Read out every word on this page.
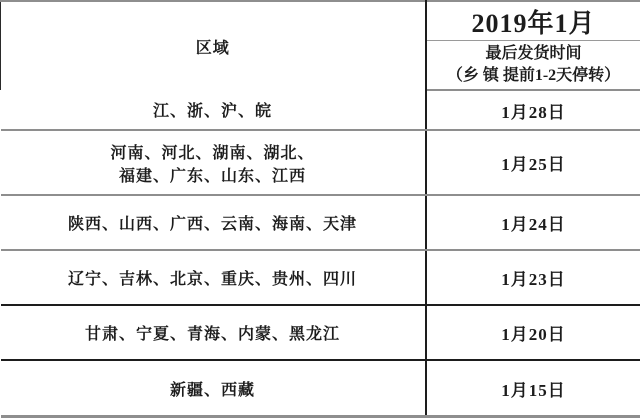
区域	2019年1月

	最后发货时间
（乡 镇 提前1-2天停转）

江、浙、沪、皖	1月28日

河南、河北、湖南、湖北、
福建、广东、山东、江西	1月25日

陕西、山西、广西、云南、海南、天津	1月24日

辽宁、吉林、北京、重庆、贵州、四川	1月23日

甘肃、宁夏、青海、内蒙、黑龙江	1月20日

新疆、西藏	1月15日
